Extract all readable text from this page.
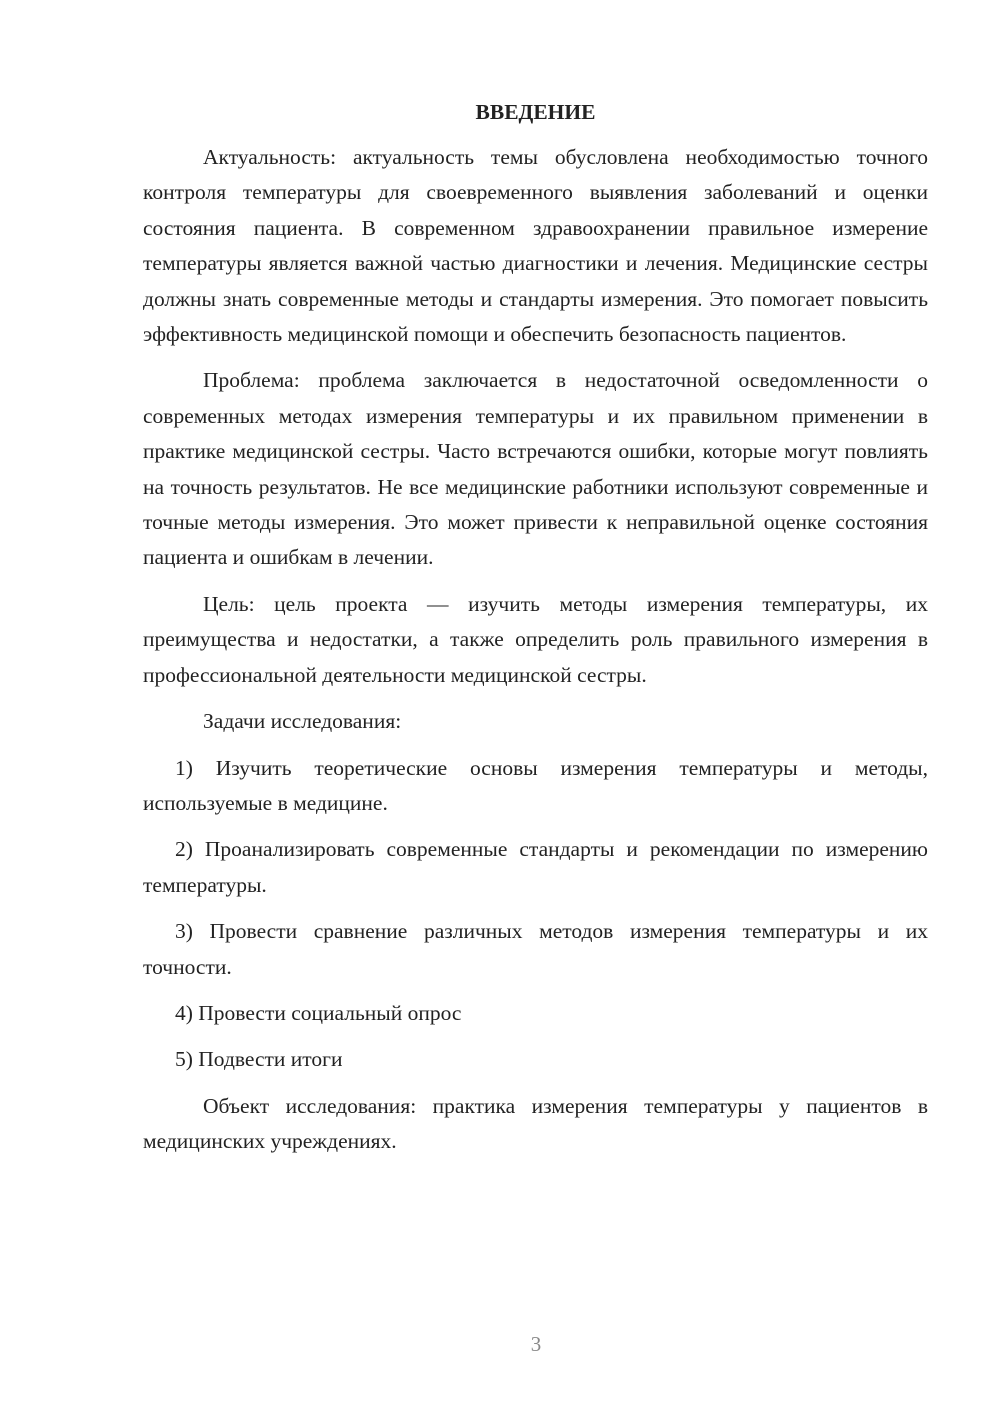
ВВЕДЕНИЕ

Актуальность: актуальность темы обусловлена необходимостью точного контроля температуры для своевременного выявления заболеваний и оценки состояния пациента. В современном здравоохранении правильное измерение температуры является важной частью диагностики и лечения. Медицинские сестры должны знать современные методы и стандарты измерения. Это помогает повысить эффективность медицинской помощи и обеспечить безопасность пациентов.

Проблема: проблема заключается в недостаточной осведомленности о современных методах измерения температуры и их правильном применении в практике медицинской сестры. Часто встречаются ошибки, которые могут повлиять на точность результатов. Не все медицинские работники используют современные и точные методы измерения. Это может привести к неправильной оценке состояния пациента и ошибкам в лечении.

Цель: цель проекта — изучить методы измерения температуры, их преимущества и недостатки, а также определить роль правильного измерения в профессиональной деятельности медицинской сестры.

Задачи исследования:

1) Изучить теоретические основы измерения температуры и методы, используемые в медицине.

2) Проанализировать современные стандарты и рекомендации по измерению температуры.

3) Провести сравнение различных методов измерения температуры и их точности.

4) Провести социальный опрос

5) Подвести итоги

Объект исследования: практика измерения температуры у пациентов в медицинских учреждениях.

3
